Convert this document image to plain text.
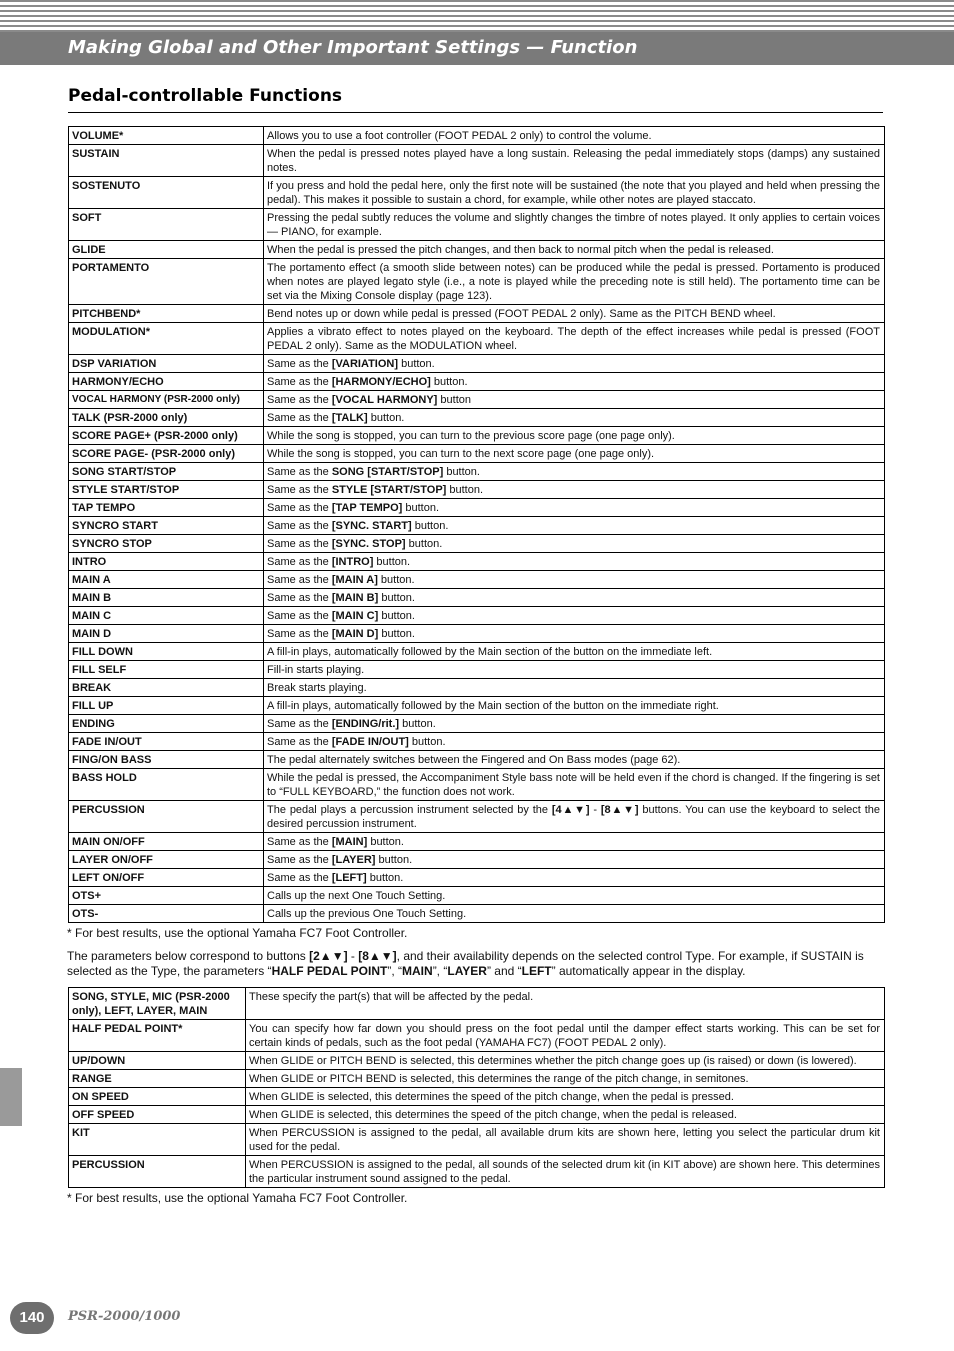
Making Global and Other Important Settings — Function
Pedal-controllable Functions
VOLUME*	Allows you to use a foot controller (FOOT PEDAL 2 only) to control the volume.
SUSTAIN	When the pedal is pressed notes played have a long sustain. Releasing the pedal immediately stops (damps) any sustained notes.
SOSTENUTO	If you press and hold the pedal here, only the first note will be sustained (the note that you played and held when pressing the pedal). This makes it possible to sustain a chord, for example, while other notes are played staccato.
SOFT	Pressing the pedal subtly reduces the volume and slightly changes the timbre of notes played. It only applies to certain voices — PIANO, for example.
GLIDE	When the pedal is pressed the pitch changes, and then back to normal pitch when the pedal is released.
PORTAMENTO	The portamento effect (a smooth slide between notes) can be produced while the pedal is pressed. Portamento is produced when notes are played legato style (i.e., a note is played while the preceding note is still held). The portamento time can be set via the Mixing Console display (page 123).
PITCHBEND*	Bend notes up or down while pedal is pressed (FOOT PEDAL 2 only). Same as the PITCH BEND wheel.
MODULATION*	Applies a vibrato effect to notes played on the keyboard. The depth of the effect increases while pedal is pressed (FOOT PEDAL 2 only). Same as the MODULATION wheel.
DSP VARIATION	Same as the [VARIATION] button.
HARMONY/ECHO	Same as the [HARMONY/ECHO] button.
VOCAL HARMONY (PSR-2000 only)	Same as the [VOCAL HARMONY] button
TALK (PSR-2000 only)	Same as the [TALK] button.
SCORE PAGE+ (PSR-2000 only)	While the song is stopped, you can turn to the previous score page (one page only).
SCORE PAGE- (PSR-2000 only)	While the song is stopped, you can turn to the next score page (one page only).
SONG START/STOP	Same as the SONG [START/STOP] button.
STYLE START/STOP	Same as the STYLE [START/STOP] button.
TAP TEMPO	Same as the [TAP TEMPO] button.
SYNCRO START	Same as the [SYNC. START] button.
SYNCRO STOP	Same as the [SYNC. STOP] button.
INTRO	Same as the [INTRO] button.
MAIN A	Same as the [MAIN A] button.
MAIN B	Same as the [MAIN B] button.
MAIN C	Same as the [MAIN C] button.
MAIN D	Same as the [MAIN D] button.
FILL DOWN	A fill-in plays, automatically followed by the Main section of the button on the immediate left.
FILL SELF	Fill-in starts playing.
BREAK	Break starts playing.
FILL UP	A fill-in plays, automatically followed by the Main section of the button on the immediate right.
ENDING	Same as the [ENDING/rit.] button.
FADE IN/OUT	Same as the [FADE IN/OUT] button.
FING/ON BASS	The pedal alternately switches between the Fingered and On Bass modes (page 62).
BASS HOLD	While the pedal is pressed, the Accompaniment Style bass note will be held even if the chord is changed. If the fingering is set to “FULL KEYBOARD,” the function does not work.
PERCUSSION	The pedal plays a percussion instrument selected by the [4▲▼] - [8▲▼] buttons. You can use the keyboard to select the desired percussion instrument.
MAIN ON/OFF	Same as the [MAIN] button.
LAYER ON/OFF	Same as the [LAYER] button.
LEFT ON/OFF	Same as the [LEFT] button.
OTS+	Calls up the next One Touch Setting.
OTS-	Calls up the previous One Touch Setting.
* For best results, use the optional Yamaha FC7 Foot Controller.
The parameters below correspond to buttons [2▲▼] - [8▲▼], and their availability depends on the selected control Type. For example, if SUSTAIN is selected as the Type, the parameters “HALF PEDAL POINT”, “MAIN”, “LAYER” and “LEFT” automatically appear in the display.
SONG, STYLE, MIC (PSR-2000 only), LEFT, LAYER, MAIN	These specify the part(s) that will be affected by the pedal.
HALF PEDAL POINT*	You can specify how far down you should press on the foot pedal until the damper effect starts working. This can be set for certain kinds of pedals, such as the foot pedal (YAMAHA FC7) (FOOT PEDAL 2 only).
UP/DOWN	When GLIDE or PITCH BEND is selected, this determines whether the pitch change goes up (is raised) or down (is lowered).
RANGE	When GLIDE or PITCH BEND is selected, this determines the range of the pitch change, in semitones.
ON SPEED	When GLIDE is selected, this determines the speed of the pitch change, when the pedal is pressed.
OFF SPEED	When GLIDE is selected, this determines the speed of the pitch change, when the pedal is released.
KIT	When PERCUSSION is assigned to the pedal, all available drum kits are shown here, letting you select the particular drum kit used for the pedal.
PERCUSSION	When PERCUSSION is assigned to the pedal, all sounds of the selected drum kit (in KIT above) are shown here. This determines the particular instrument sound assigned to the pedal.
* For best results, use the optional Yamaha FC7 Foot Controller.
140	PSR-2000/1000
